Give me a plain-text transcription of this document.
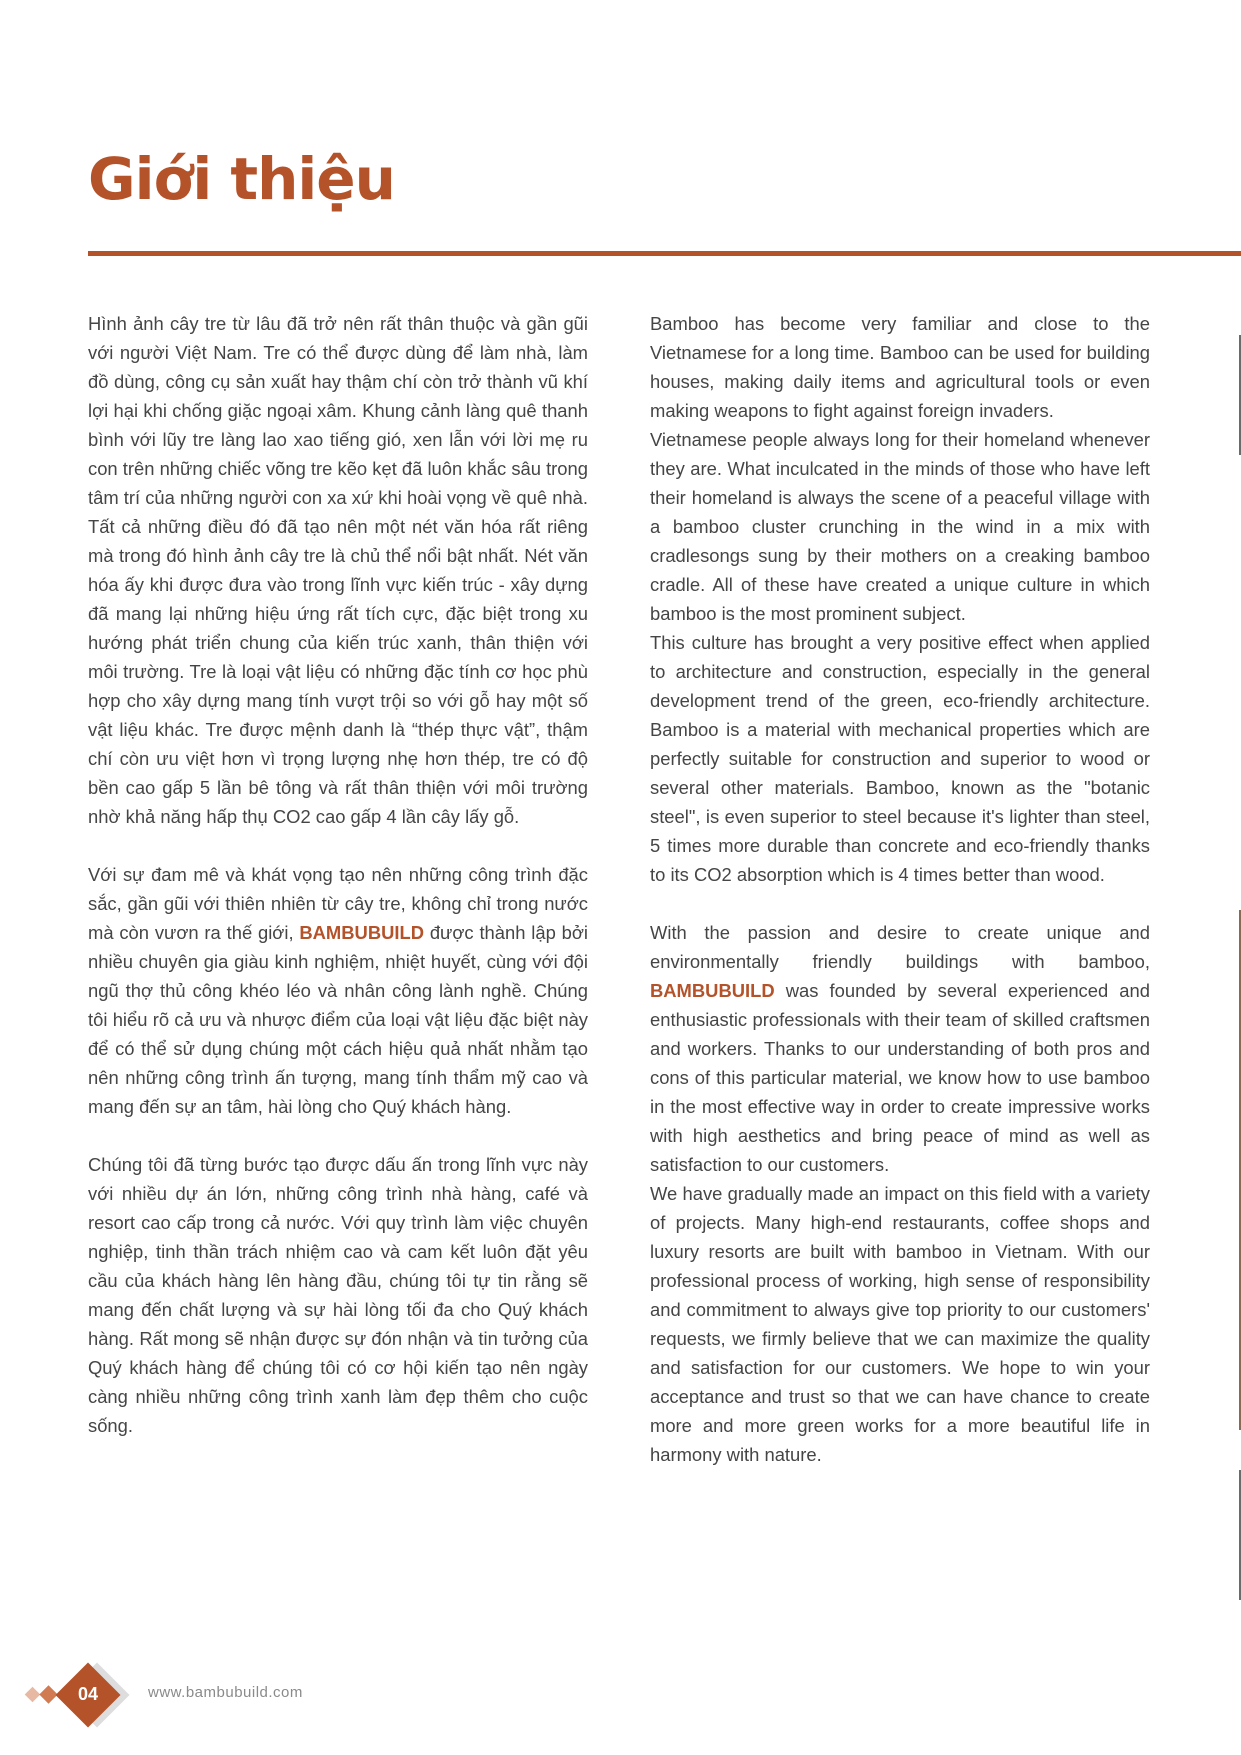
Giới thiệu

Hình ảnh cây tre từ lâu đã trở nên rất thân thuộc và gần gũi với người Việt Nam. Tre có thể được dùng để làm nhà, làm đồ dùng, công cụ sản xuất hay thậm chí còn trở thành vũ khí lợi hại khi chống giặc ngoại xâm. Khung cảnh làng quê thanh bình với lũy tre làng lao xao tiếng gió, xen lẫn với lời mẹ ru con trên những chiếc võng tre kẽo kẹt đã luôn khắc sâu trong tâm trí của những người con xa xứ khi hoài vọng về quê nhà. Tất cả những điều đó đã tạo nên một nét văn hóa rất riêng mà trong đó hình ảnh cây tre là chủ thể nổi bật nhất. Nét văn hóa ấy khi được đưa vào trong lĩnh vực kiến trúc - xây dựng đã mang lại những hiệu ứng rất tích cực, đặc biệt trong xu hướng phát triển chung của kiến trúc xanh, thân thiện với môi trường. Tre là loại vật liệu có những đặc tính cơ học phù hợp cho xây dựng mang tính vượt trội so với gỗ hay một số vật liệu khác. Tre được mệnh danh là “thép thực vật”, thậm chí còn ưu việt hơn vì trọng lượng nhẹ hơn thép, tre có độ bền cao gấp 5 lần bê tông và rất thân thiện với môi trường nhờ khả năng hấp thụ CO2 cao gấp 4 lần cây lấy gỗ.

Với sự đam mê và khát vọng tạo nên những công trình đặc sắc, gần gũi với thiên nhiên từ cây tre, không chỉ trong nước mà còn vươn ra thế giới, BAMBUBUILD được thành lập bởi nhiều chuyên gia giàu kinh nghiệm, nhiệt huyết, cùng với đội ngũ thợ thủ công khéo léo và nhân công lành nghề. Chúng tôi hiểu rõ cả ưu và nhược điểm của loại vật liệu đặc biệt này để có thể sử dụng chúng một cách hiệu quả nhất nhằm tạo nên những công trình ấn tượng, mang tính thẩm mỹ cao và mang đến sự an tâm, hài lòng cho Quý khách hàng.

Chúng tôi đã từng bước tạo được dấu ấn trong lĩnh vực này với nhiều dự án lớn, những công trình nhà hàng, café và resort cao cấp trong cả nước. Với quy trình làm việc chuyên nghiệp, tinh thần trách nhiệm cao và cam kết luôn đặt yêu cầu của khách hàng lên hàng đầu, chúng tôi tự tin rằng sẽ mang đến chất lượng và sự hài lòng tối đa cho Quý khách hàng. Rất mong sẽ nhận được sự đón nhận và tin tưởng của Quý khách hàng để chúng tôi có cơ hội kiến tạo nên ngày càng nhiều những công trình xanh làm đẹp thêm cho cuộc sống.

Bamboo has become very familiar and close to the Vietnamese for a long time. Bamboo can be used for building houses, making daily items and agricultural tools or even making weapons to fight against foreign invaders.

Vietnamese people always long for their homeland whenever they are. What inculcated in the minds of those who have left their homeland is always the scene of a peaceful village with a bamboo cluster crunching in the wind in a mix with cradlesongs sung by their mothers on a creaking bamboo cradle. All of these have created a unique culture in which bamboo is the most prominent subject.

This culture has brought a very positive effect when applied to architecture and construction, especially in the general development trend of the green, eco-friendly architecture. Bamboo is a material with mechanical properties which are perfectly suitable for construction and superior to wood or several other materials. Bamboo, known as the "botanic steel", is even superior to steel because it's lighter than steel, 5 times more durable than concrete and eco-friendly thanks to its CO2 absorption which is 4 times better than wood.

With the passion and desire to create unique and environmentally friendly buildings with bamboo, BAMBUBUILD was founded by several experienced and enthusiastic professionals with their team of skilled craftsmen and workers. Thanks to our understanding of both pros and cons of this particular material, we know how to use bamboo in the most effective way in order to create impressive works with high aesthetics and bring peace of mind as well as satisfaction to our customers.

We have gradually made an impact on this field with a variety of projects. Many high-end restaurants, coffee shops and luxury resorts are built with bamboo in Vietnam. With our professional process of working, high sense of responsibility and commitment to always give top priority to our customers' requests, we firmly believe that we can maximize the quality and satisfaction for our customers. We hope to win your acceptance and trust so that we can have chance to create more and more green works for a more beautiful life in harmony with nature.

04	www.bambubuild.com
